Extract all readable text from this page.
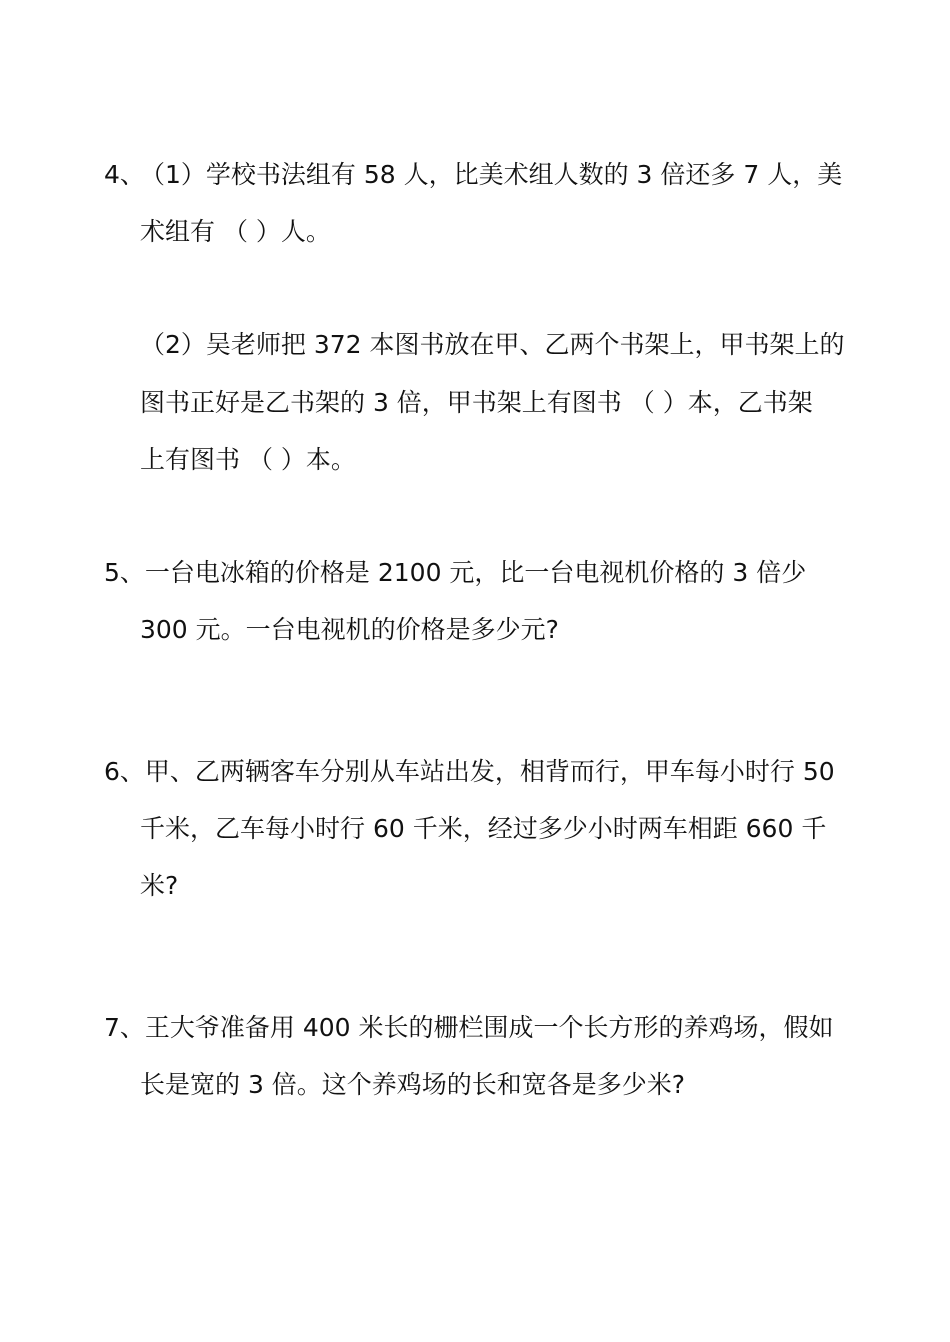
4、
（1）学校书法组有 58 人，比美术组人数的 3 倍还多 7 人，美
术组有 （ ）人。
（2）吴老师把 372 本图书放在甲、乙两个书架上，甲书架上的
图书正好是乙书架的 3 倍，甲书架上有图书 （ ）本，乙书架
上有图书 （ ）本。
5、一台电冰箱的价格是 2100 元，比一台电视机价格的 3 倍少
300 元。一台电视机的价格是多少元?
6、甲、乙两辆客车分别从车站出发，相背而行，甲车每小时行 50
千米，乙车每小时行 60 千米，经过多少小时两车相距 660 千
米?
7、王大爷准备用 400 米长的栅栏围成一个长方形的养鸡场，假如
长是宽的 3 倍。这个养鸡场的长和宽各是多少米?
